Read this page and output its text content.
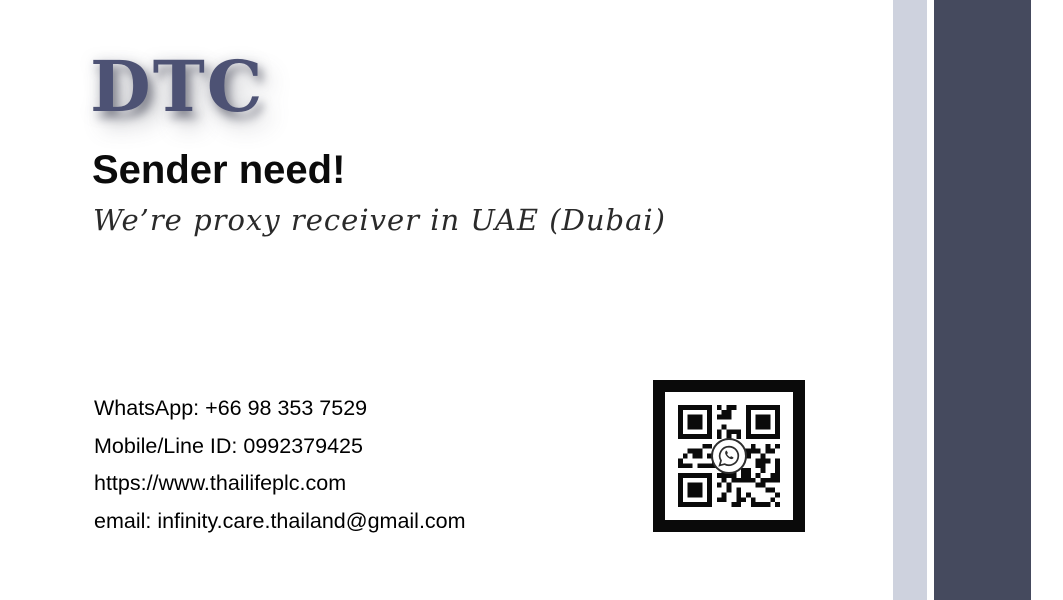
DTC
Sender need!
We’re proxy receiver in UAE (Dubai)
WhatsApp: +66 98 353 7529
Mobile/Line ID: 0992379425
https://www.thailifeplc.com
email: infinity.care.thailand@gmail.com
